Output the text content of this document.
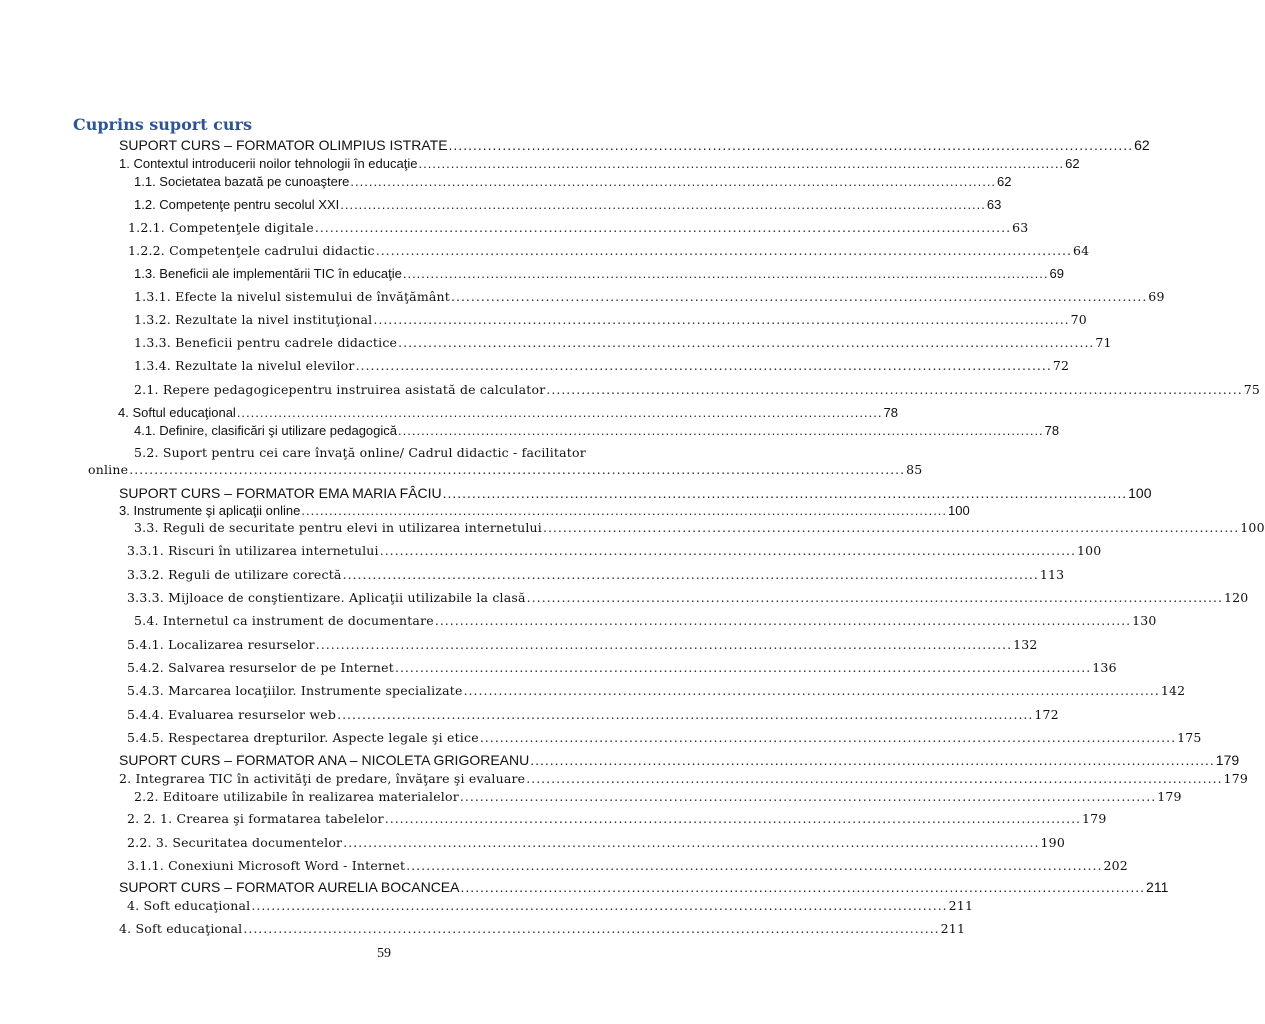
Cuprins suport curs
SUPORT CURS – FORMATOR OLIMPIUS ISTRATE ............................................................................................................................................ 62
1. Contextul introducerii noilor tehnologii în educaţie ............................................................................................................................................ 62
1.1. Societatea bazată pe cunoaştere ............................................................................................................................................ 62
1.2. Competenţe pentru secolul XXI ............................................................................................................................................ 63
1.2.1. Competenţele digitale ............................................................................................................................................ 63
1.2.2. Competenţele cadrului didactic ............................................................................................................................................ 64
1.3. Beneficii ale implementării TIC în educaţie ............................................................................................................................................ 69
1.3.1. Efecte la nivelul sistemului de învăţământ ............................................................................................................................................ 69
1.3.2. Rezultate la nivel instituţional ............................................................................................................................................ 70
1.3.3. Beneficii pentru cadrele didactice ............................................................................................................................................ 71
1.3.4. Rezultate la nivelul elevilor ............................................................................................................................................ 72
2.1. Repere pedagogicepentru instruirea asistată de calculator ............................................................................................................................................ 75
4. Softul educaţional ............................................................................................................................................ 78
4.1. Definire, clasificări şi utilizare pedagogică ............................................................................................................................................ 78
5.2. Suport pentru cei care învaţă online/ Cadrul didactic - facilitator
online ............................................................................................................................................................ 85
SUPORT CURS – FORMATOR EMA MARIA FÂCIU ............................................................................................................................................ 100
3. Instrumente şi aplicaţii online ............................................................................................................................................ 100
3.3. Reguli de securitate pentru elevi in utilizarea internetului ............................................................................................................................................ 100
3.3.1. Riscuri în utilizarea internetului ............................................................................................................................................ 100
3.3.2. Reguli de utilizare corectă ............................................................................................................................................ 113
3.3.3. Mijloace de conştientizare. Aplicaţii utilizabile la clasă ............................................................................................................................................ 120
5.4. Internetul ca instrument de documentare ............................................................................................................................................ 130
5.4.1. Localizarea resurselor ............................................................................................................................................ 132
5.4.2. Salvarea resurselor de pe Internet ............................................................................................................................................ 136
5.4.3. Marcarea locaţiilor. Instrumente specializate ............................................................................................................................................ 142
5.4.4. Evaluarea resurselor web ............................................................................................................................................ 172
5.4.5. Respectarea drepturilor. Aspecte legale şi etice ............................................................................................................................................ 175
SUPORT CURS – FORMATOR ANA – NICOLETA GRIGOREANU ............................................................................................................................................ 179
2. Integrarea TIC în activităţi de predare, învăţare şi evaluare ............................................................................................................................................ 179
2.2. Editoare utilizabile în realizarea materialelor ............................................................................................................................................ 179
2. 2. 1. Crearea şi formatarea tabelelor ............................................................................................................................................ 179
2.2. 3. Securitatea documentelor ............................................................................................................................................ 190
3.1.1. Conexiuni Microsoft Word - Internet ............................................................................................................................................ 202
SUPORT CURS – FORMATOR AURELIA BOCANCEA ............................................................................................................................................ 211
4. Soft educaţional ............................................................................................................................................ 211
4. Soft educaţional ............................................................................................................................................ 211
59
